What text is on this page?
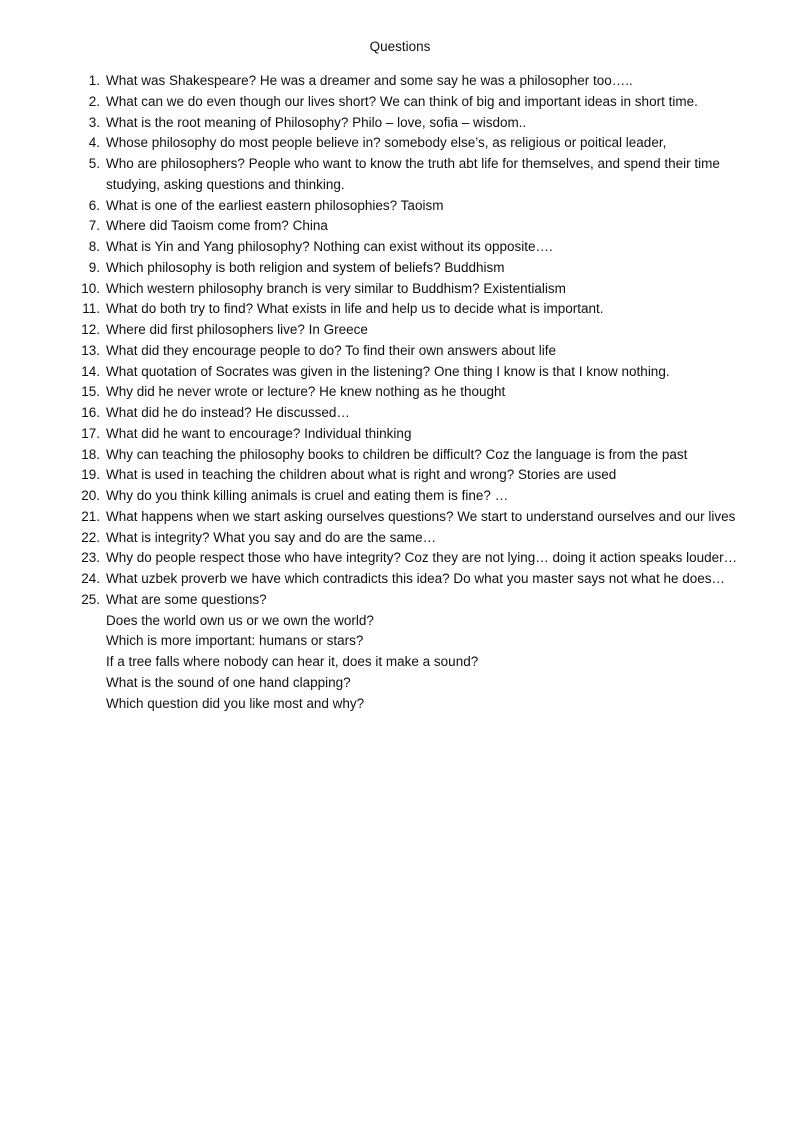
Questions
1. What was Shakespeare? He was a dreamer and some say he was a philosopher too…..
2. What can we do even though our lives short? We can think of big and important ideas in short time.
3. What is the root meaning of Philosophy? Philo – love, sofia – wisdom..
4. Whose philosophy do most people believe in? somebody else’s, as religious or poitical leader,
5. Who are philosophers? People who want to know the truth abt life for themselves, and spend their time studying, asking questions and thinking.
6. What is one of the earliest eastern philosophies? Taoism
7. Where did Taoism come from? China
8. What is Yin and Yang philosophy? Nothing can exist without its opposite….
9. Which philosophy is both religion and system of beliefs? Buddhism
10. Which western philosophy branch is very similar to Buddhism? Existentialism
11. What do both try to find? What exists in life and help us to decide what is important.
12. Where did first philosophers live? In Greece
13. What did they encourage people to do? To find their own answers about life
14. What quotation of Socrates was given in the listening? One thing I know is that I know nothing.
15. Why did he never wrote or lecture? He knew nothing as he thought
16. What did he do instead? He discussed…
17. What did he want to encourage? Individual thinking
18. Why can teaching the philosophy books to children be difficult? Coz the language is from the past
19. What is used in teaching the children about what is right and wrong? Stories are used
20. Why do you think killing animals is cruel and eating them is fine? …
21. What happens when we start asking ourselves questions? We start to understand ourselves and our lives
22. What is integrity? What you say and do are the same…
23. Why do people respect those who have integrity? Coz they are not lying… doing it action speaks louder…
24. What uzbek proverb we have which contradicts this idea? Do what you master says not what he does…
25. What are some questions?
Does the world own us or we own the world?
Which is more important: humans or stars?
If a tree falls where nobody can hear it, does it make a sound?
What is the sound of one hand clapping?
Which question did you like most and why?
